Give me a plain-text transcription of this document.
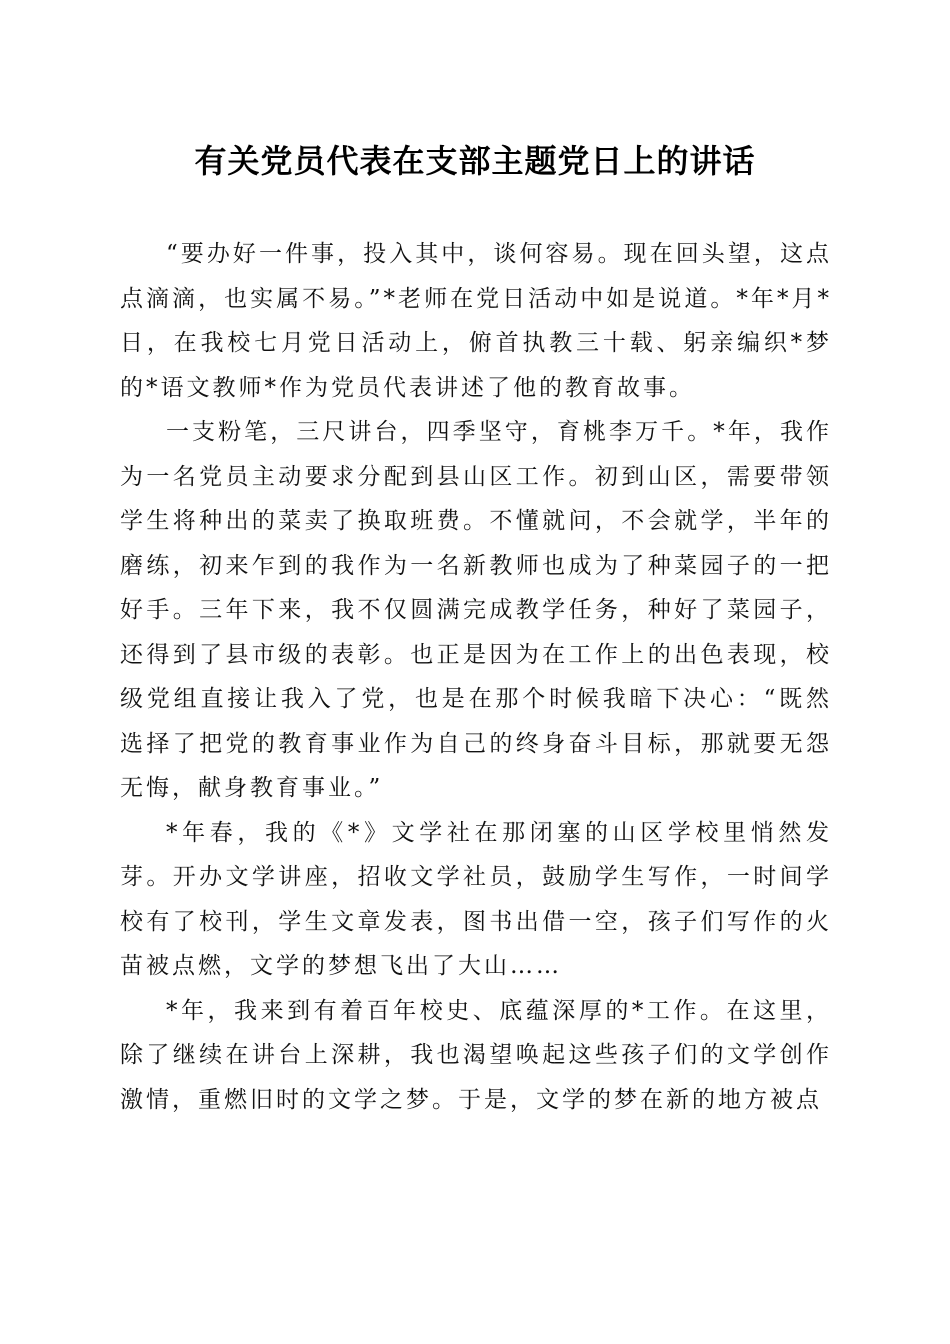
有关党员代表在支部主题党日上的讲话

“要办好一件事，投入其中，谈何容易。现在回头望，这点点滴滴，也实属不易。”*老师在党日活动中如是说道。*年*月*日，在我校七月党日活动上，俯首执教三十载、躬亲编织*梦的*语文教师*作为党员代表讲述了他的教育故事。

一支粉笔，三尺讲台，四季坚守，育桃李万千。*年，我作为一名党员主动要求分配到县山区工作。初到山区，需要带领学生将种出的菜卖了换取班费。不懂就问，不会就学，半年的磨练，初来乍到的我作为一名新教师也成为了种菜园子的一把好手。三年下来，我不仅圆满完成教学任务，种好了菜园子，还得到了县市级的表彰。也正是因为在工作上的出色表现，校级党组直接让我入了党，也是在那个时候我暗下决心：“既然选择了把党的教育事业作为自己的终身奋斗目标，那就要无怨无悔，献身教育事业。”

*年春，我的《*》文学社在那闭塞的山区学校里悄然发芽。开办文学讲座，招收文学社员，鼓励学生写作，一时间学校有了校刊，学生文章发表，图书出借一空，孩子们写作的火苗被点燃，文学的梦想飞出了大山……

*年，我来到有着百年校史、底蕴深厚的*工作。在这里，除了继续在讲台上深耕，我也渴望唤起这些孩子们的文学创作激情，重燃旧时的文学之梦。于是，文学的梦在新的地方被点
